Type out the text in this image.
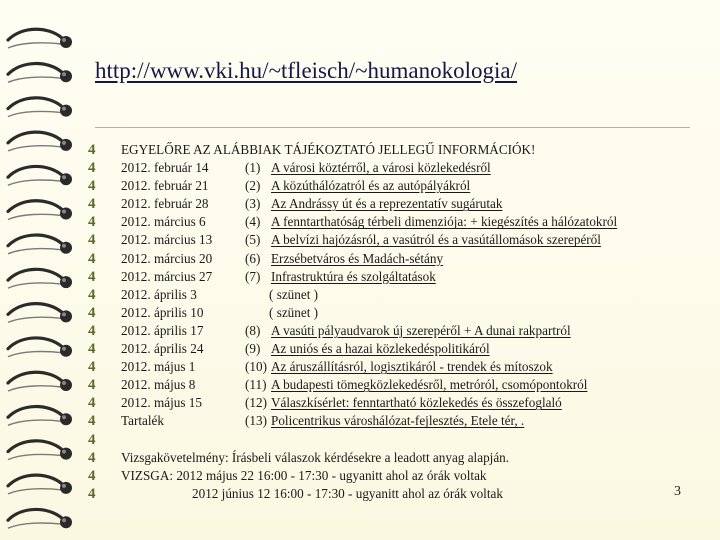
http://www.vki.hu/~tfleisch/~humanokologia/
4
4
4
4
4
4
4
4
4
4
4
4
4
4
4
4
4
4
4
4
EGYELŐRE AZ ALÁBBIAK TÁJÉKOZTATÓ JELLEGŰ INFORMÁCIÓK!
2012. február 14	(1) A városi köztérről, a városi közlekedésről
2012. február 21	(2) A közúthálózatról és az autópályákról
2012. február 28	(3) Az Andrássy út és a reprezentatív sugárutak
2012. március 6	(4) A fenntarthatóság térbeli dimenziója: + kiegészítés a hálózatokról
2012. március 13 (5) A belvízi hajózásról, a vasútról és a vasútállomások szerepéről
2012. március 20 (6) Erzsébetváros és Madách-sétány
2012. március 27 (7) Infrastruktúra és szolgáltatások
2012. április 3	( szünet )
2012. április 10	( szünet )
2012. április 17	(8) A vasúti pályaudvarok új szerepéről + A dunai rakpartról
2012. április 24	(9) Az uniós és a hazai közlekedéspolitikáról
2012. május 1	(10) Az áruszállításról, logisztikáról - trendek és mítoszok
2012. május 8	(11) A budapesti tömegközlekedésről, metróról, csomópontokról
2012. május 15	(12) Válaszkísérlet: fenntartható közlekedés és összefoglaló
Tartalék	(13) Policentrikus városhálózat-fejlesztés, Etele tér, .
Vizsgakövetelmény: Írásbeli válaszok kérdésekre a leadott anyag alapján.
VIZSGA: 2012 május 22 16:00 - 17:30 - ugyanitt ahol az órák voltak
2012 június 12 16:00 - 17:30 - ugyanitt ahol az órák voltak	3
